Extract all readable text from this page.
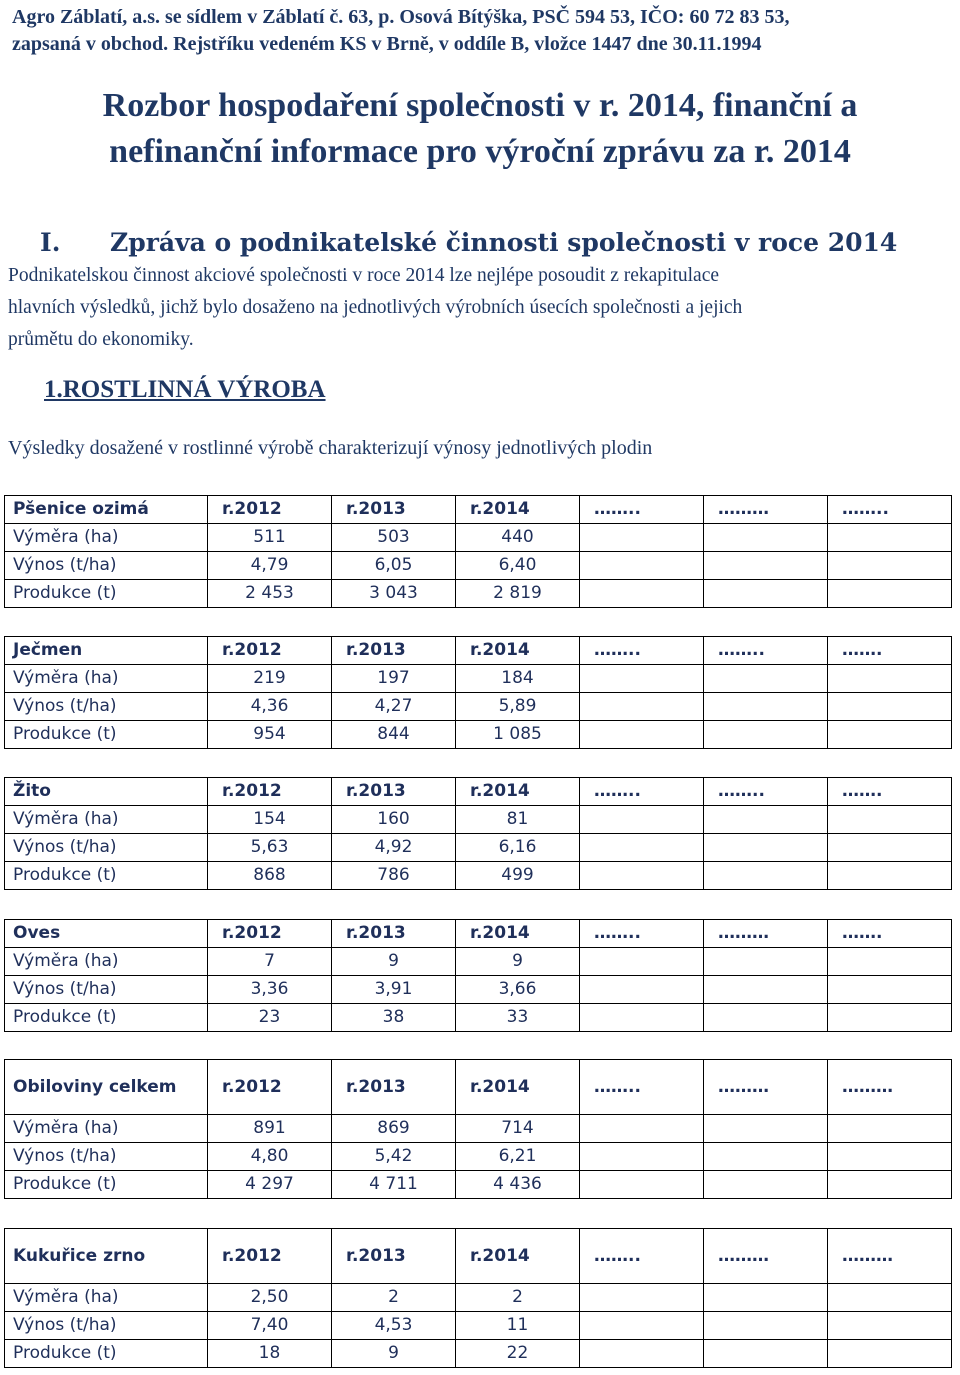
Agro Záblatí, a.s. se sídlem v Záblatí č. 63, p. Osová Bítýška, PSČ 594 53, IČO: 60 72 83 53,
zapsaná v obchod. Rejstříku vedeném KS v Brně, v oddíle B, vložce 1447 dne 30.11.1994
Rozbor hospodaření společnosti v r. 2014, finanční a
nefinanční informace pro výroční zprávu za r. 2014
I. Zpráva o podnikatelské činnosti společnosti v roce 2014
Podnikatelskou činnost akciové společnosti v roce 2014 lze nejlépe posoudit z rekapitulace
hlavních výsledků, jichž bylo dosaženo na jednotlivých výrobních úsecích společnosti a jejich
průmětu do ekonomiky.
1.ROSTLINNÁ VÝROBA
Výsledky dosažené v rostlinné výrobě charakterizují výnosy jednotlivých plodin
Pšenice ozimá	r.2012	r.2013	r.2014	……..	………	……..
Výměra (ha)	511	503	440			
Výnos (t/ha)	4,79	6,05	6,40			
Produkce (t)	2 453	3 043	2 819			
Ječmen	r.2012	r.2013	r.2014	……..	……..	…….
Výměra (ha)	219	197	184			
Výnos (t/ha)	4,36	4,27	5,89			
Produkce (t)	954	844	1 085			
Žito	r.2012	r.2013	r.2014	……..	……..	…….
Výměra (ha)	154	160	81			
Výnos (t/ha)	5,63	4,92	6,16			
Produkce (t)	868	786	499			
Oves	r.2012	r.2013	r.2014	……..	………	…….
Výměra (ha)	7	9	9			
Výnos (t/ha)	3,36	3,91	3,66			
Produkce (t)	23	38	33			
Obiloviny celkem	r.2012	r.2013	r.2014	……..	………	………
Výměra (ha)	891	869	714			
Výnos (t/ha)	4,80	5,42	6,21			
Produkce (t)	4 297	4 711	4 436			
Kukuřice zrno	r.2012	r.2013	r.2014	……..	………	………
Výměra (ha)	2,50	2	2			
Výnos (t/ha)	7,40	4,53	11			
Produkce (t)	18	9	22			
